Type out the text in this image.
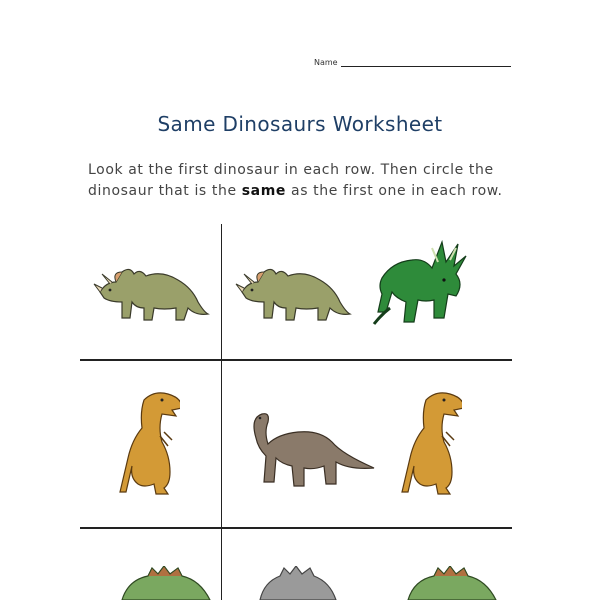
Name
Same Dinosaurs Worksheet
Look at the first dinosaur in each row. Then circle the dinosaur that is the same as the first one in each row.
